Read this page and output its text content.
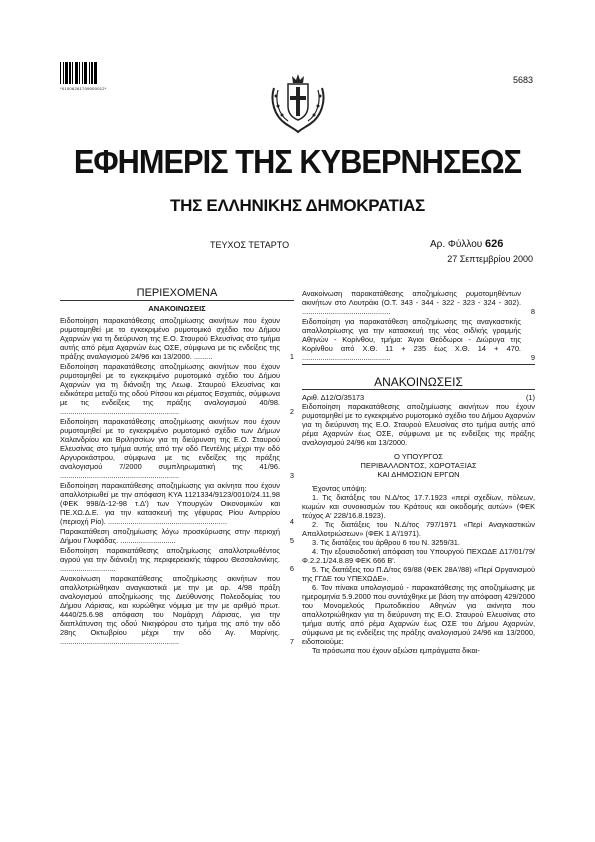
*01006261709000012*
5683
ΕΦΗΜΕΡΙΣ ΤΗΣ ΚΥΒΕΡΝΗΣΕΩΣ
ΤΗΣ ΕΛΛΗΝΙΚΗΣ ΔΗΜΟΚΡΑΤΙΑΣ
ΤΕΥΧΟΣ ΤΕΤΑΡΤΟ	Αρ. Φύλλου 626
27 Σεπτεμβρίου 2000
ΠΕΡΙΕΧΟΜΕΝΑ
ΑΝΑΚΟΙΝΩΣΕΙΣ
Ειδοποίηση παρακατάθεσης αποζημίωσης ακινήτων που έχουν ρυμοτομηθεί με το εγκεκριμένο ρυμοτομικό σχέδιο του Δήμου Αχαρνών για τη διεύρυνση της Ε.Ο. Σταυρού Ελευσίνας στο τμήμα αυτής από ρέμα Αχαρνών έως ΟΣΕ, σύμφωνα με τις ενδείξεις της πράξης αναλογισμού 24/96 και 13/2000. .........	1
Ειδοποίηση παρακατάθεσης αποζημίωσης ακινήτων που έχουν ρυμοτομηθεί με το εγκεκριμένο ρυμοτομικό σχέδιο του Δήμου Αχαρνών για τη διάνοιξη της Λεωφ. Σταυρού Ελευσίνας και ειδικότερα μεταξύ της οδού Ρίτσου και ρέματος Εσχατιάς, σύμφωνα με τις ενδείξεις της πράξης αναλογισμού 40/98. ..........................................................	2
Ειδοποίηση παρακατάθεσης αποζημίωσης ακινήτων που έχουν ρυμοτομηθεί με το εγκεκριμένο ρυμοτομικό σχέδιο των Δήμων Χαλανδρίου και Βριλησσίων για τη διεύρυνση της Ε.Ο. Σταυρού Ελευσίνας στο τμήμα αυτής από την οδό Πεντέλης μέχρι την οδό Αργυροκάστρου, σύμφωνα με τις ενδείξεις της πράξης αναλογισμού 7/2000 συμπληρωματική της 41/96. ..........................................................	3
Ειδοποίηση παρακατάθεσης αποζημίωσης για ακίνητα που έχουν απαλλοτριωθεί με την απόφαση ΚΥΑ 1121334/9123/0010/24.11.98 (ΦΕΚ 998/Δ-12-98 τ.Δ') των Υπουργών Οικονομικών και ΠΕ.ΧΩ.Δ.Ε. για την κατασκευή της γέφυρας Ρίου Αντιρρίου (περιοχή Ρίο). ..........................................................	4
Παρακατάθεση αποζημίωσης λόγω προσκύρωσης στην περιοχή Δήμου Γλυφάδας. ...........................	5
Ειδοποίηση παρακατάθεσης αποζημίωσης απαλλοτριωθέντος αγρού για την διάνοιξη της περιφερειακής τάφρου Θεσσαλονίκης. ...........................	6
Ανακοίνωση παρακατάθεσης αποζημίωσης ακινήτων που απαλλοτριώθηκαν αναγκαστικά με την με αρ. 4/98 πράξη αναλογισμού αποζημίωσης της Διεύθυνσης Πολεοδομίας του Δήμου Λάρισας, και κυρώθηκε νόμιμα με την με αριθμό πρωτ. 4440/25.6.98 απόφαση του Νομάρχη Λάρισας, για την διαπλάτυνση της οδού Νικηφόρου στο τμήμα της από την οδό 28ης Οκτωβρίου μέχρι την οδό Αγ. Μαρίνης. ..........................................................	7
Ανακοίνωση παρακατάθεσης αποζημίωσης ρυμοτομηθέντων ακινήτων στο Λουτράκι (Ο.Τ. 343 - 344 - 322 - 323 - 324 - 302). ...........................................	8
Ειδοποίηση για παρακατάθεση αποζημίωσης της αναγκαστικής απαλλοτρίωσης για την κατασκευή της νέας σιδ/κής γραμμής Αθηνών - Κορίνθου, τμήμα: Άγιοι Θεόδωροι - Διώρυγα της Κορίνθου από Χ.Θ. 11 + 235 έως Χ.Θ. 14 + 470. ...........................................	9
ΑΝΑΚΟΙΝΩΣΕΙΣ
Αριθ. Δ12/Ο/35173	(1)

Ειδοποίηση παρακατάθεσης αποζημίωσης ακινήτων που έχουν ρυμοτομηθεί με το εγκεκριμένο ρυμοτομικό σχέδιο του Δήμου Αχαρνών για τη διεύρυνση της Ε.Ο. Σταυρού Ελευσίνας στο τμήμα αυτής από ρέμα Αχαρνών έως ΟΣΕ, σύμφωνα με τις ενδείξεις της πράξης αναλογισμού 24/96 και 13/2000.

Ο ΥΠΟΥΡΓΟΣ
ΠΕΡΙΒΑΛΛΟΝΤΟΣ, ΧΩΡΟΤΑΞΙΑΣ
ΚΑΙ ΔΗΜΟΣΙΩΝ ΕΡΓΩΝ

Έχοντας υπόψη:

1. Τις διατάξεις του Ν.Δ/τος 17.7.1923 «περί σχεδίων, πόλεων, κωμών και συνοικισμών του Κράτους και οικοδομής αυτών» (ΦΕΚ τεύχος Α' 228/16.8.1923).

2. Τις διατάξεις του Ν.Δ/τος 797/1971 «Περί Αναγκαστικών Απαλλοτριώσεων» (ΦΕΚ 1 Α'/1971).

3. Τις διατάξεις του άρθρου 6 του Ν. 3259/31.

4. Την εξουσιοδοτική απόφαση του Υπουργού ΠΕΧΩΔΕ Δ17/01/79/Φ.2.2.1/24.8.89 ΦΕΚ 666 Β'.

5. Τις διατάξεις του Π.Δ/τος 69/88 (ΦΕΚ 28Α'/88) «Περί Οργανισμού της ΓΓΔΕ του ΥΠΕΧΩΔΕ».

6. Τον πίνακα υπολογισμού - παρακατάθεσης της αποζημίωσης με ημερομηνία 5.9.2000 που συντάχθηκε με βάση την απόφαση 429/2000 του Μονομελούς Πρωτοδικείου Αθηνών για ακίνητα που απαλλοτριώθηκαν για τη διεύρυνση της Ε.Ο. Σταυρού Ελευσίνας στο τμήμα αυτής από ρέμα Αχαρνών έως ΟΣΕ του Δήμου Αχαρνών, σύμφωνα με τις ενδείξεις της πράξης αναλογισμού 24/96 και 13/2000, ειδοποιούμε:

Τα πρόσωπα που έχουν αξιώσει εμπράγματα δικαι-
